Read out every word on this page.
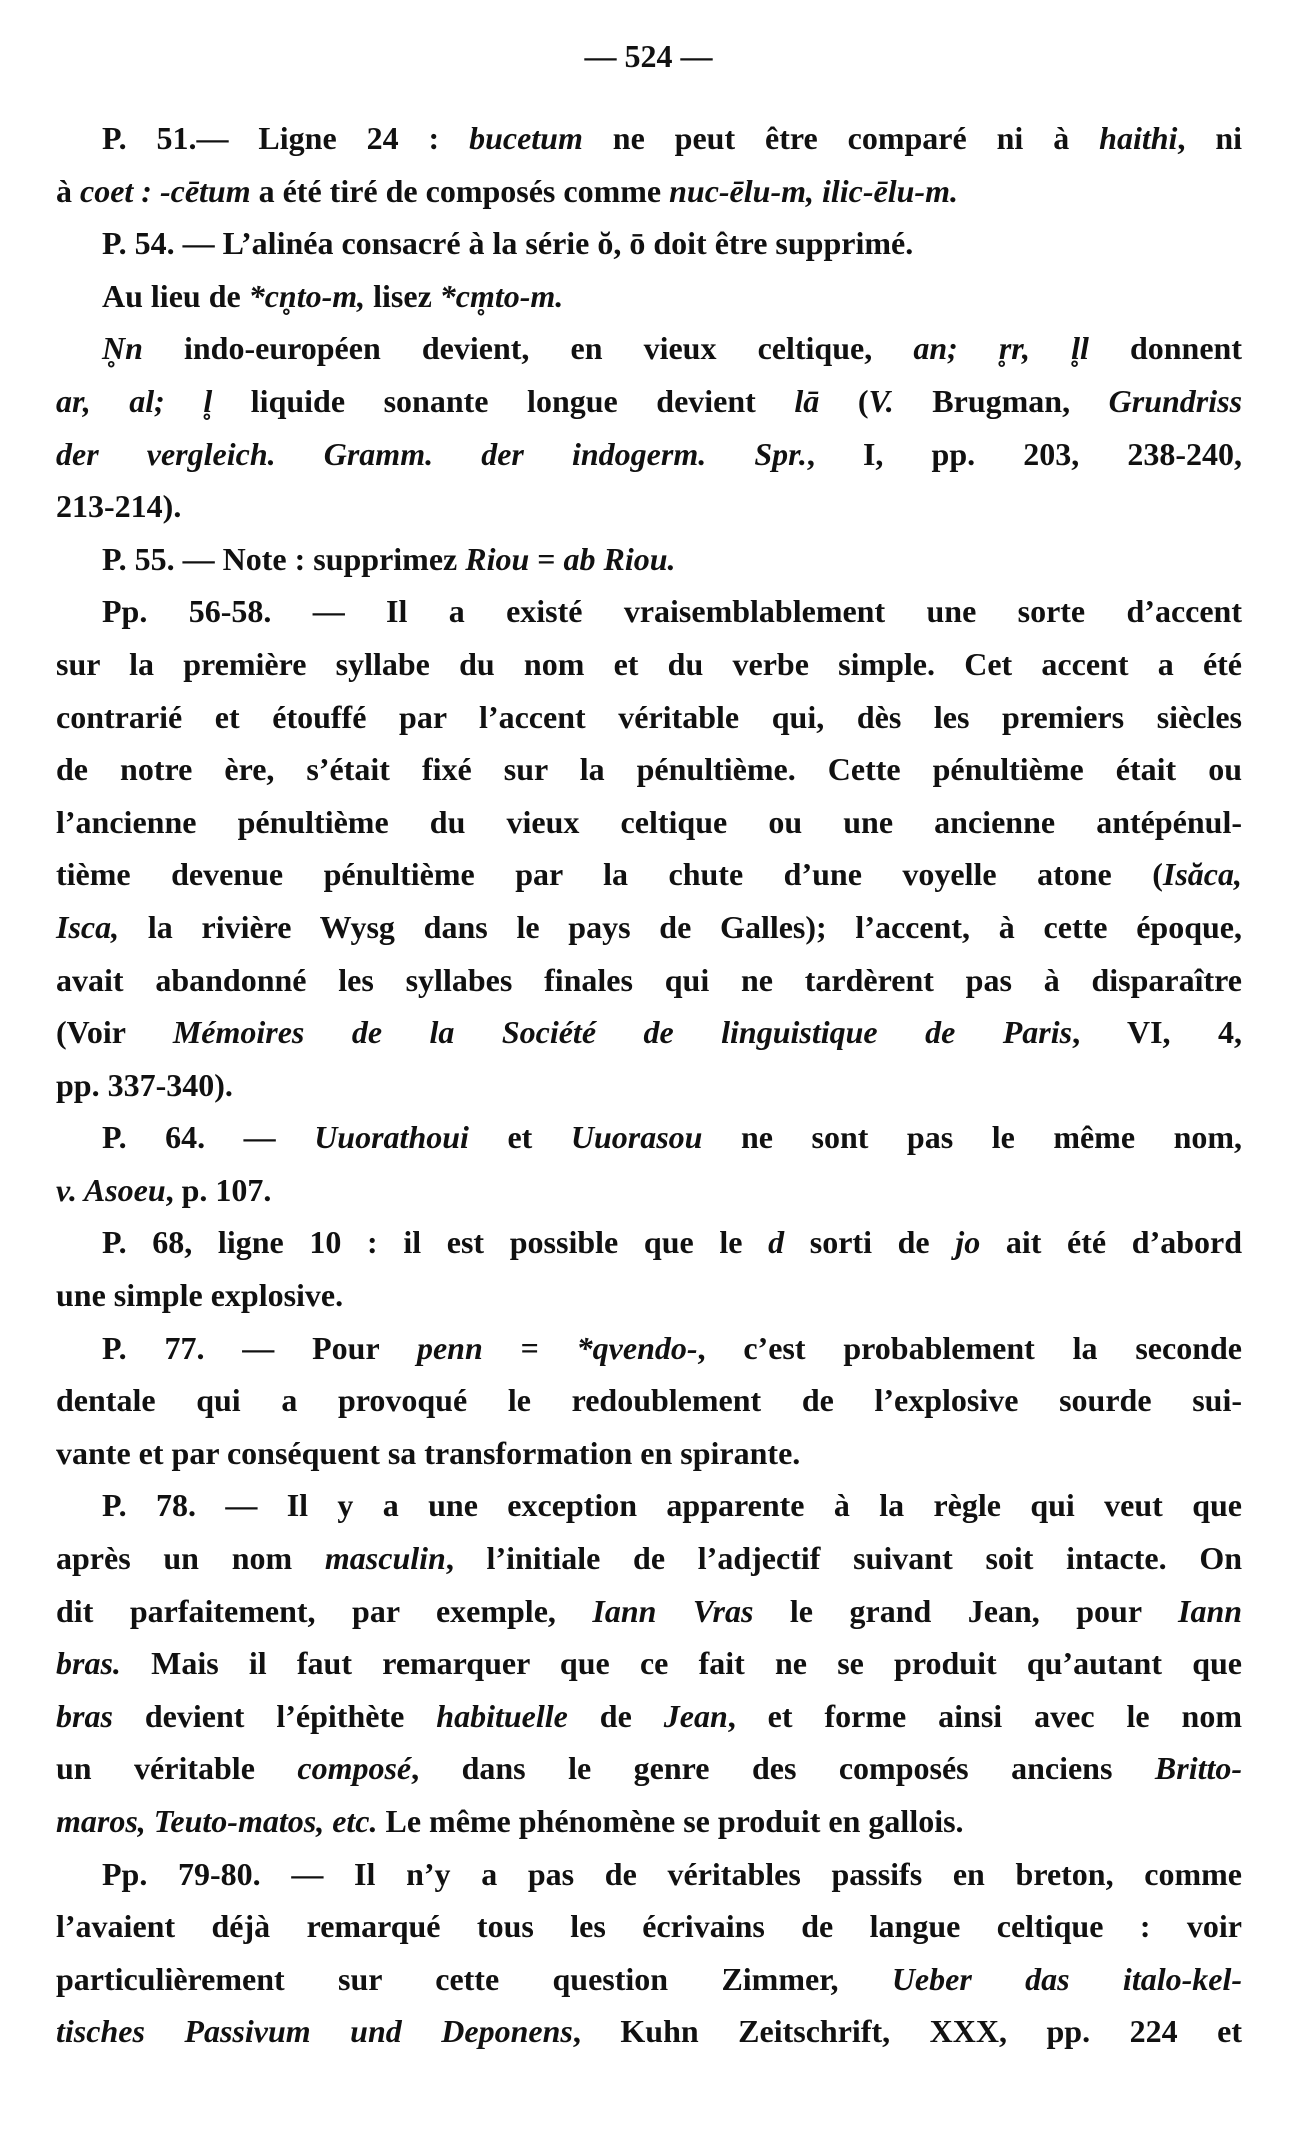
— 524 —
P. 51.— Ligne 24 : bucetum ne peut être comparé ni à haithi, ni
à coet : -cētum a été tiré de composés comme nuc-ēlu-m, ilic-ēlu-m.
P. 54. — L’alinéa consacré à la série ŏ, ō doit être supprimé.
Au lieu de *cn̥to-m, lisez *cm̥to-m.
N̥n indo-européen devient, en vieux celtique, an; r̥r, l̥l donnent
ar, al; l̥ liquide sonante longue devient lā (V. Brugman, Grundriss
der vergleich. Gramm. der indogerm. Spr., I, pp. 203, 238-240,
213-214).
P. 55. — Note : supprimez Riou = ab Riou.
Pp. 56-58. — Il a existé vraisemblablement une sorte d’accent
sur la première syllabe du nom et du verbe simple. Cet accent a été
contrarié et étouffé par l’accent véritable qui, dès les premiers siècles
de notre ère, s’était fixé sur la pénultième. Cette pénultième était ou
l’ancienne pénultième du vieux celtique ou une ancienne antépénul-
tième devenue pénultième par la chute d’une voyelle atone (Isăca,
Isca, la rivière Wysg dans le pays de Galles); l’accent, à cette époque,
avait abandonné les syllabes finales qui ne tardèrent pas à disparaître
(Voir Mémoires de la Société de linguistique de Paris, VI, 4,
pp. 337-340).
P. 64. — Uuorathoui et Uuorasou ne sont pas le même nom,
v. Asoeu, p. 107.
P. 68, ligne 10 : il est possible que le d sorti de jo ait été d’abord
une simple explosive.
P. 77. — Pour penn = *qvendo-, c’est probablement la seconde
dentale qui a provoqué le redoublement de l’explosive sourde sui-
vante et par conséquent sa transformation en spirante.
P. 78. — Il y a une exception apparente à la règle qui veut que
après un nom masculin, l’initiale de l’adjectif suivant soit intacte. On
dit parfaitement, par exemple, Iann Vras le grand Jean, pour Iann
bras. Mais il faut remarquer que ce fait ne se produit qu’autant que
bras devient l’épithète habituelle de Jean, et forme ainsi avec le nom
un véritable composé, dans le genre des composés anciens Britto-
maros, Teuto-matos, etc. Le même phénomène se produit en gallois.
Pp. 79-80. — Il n’y a pas de véritables passifs en breton, comme
l’avaient déjà remarqué tous les écrivains de langue celtique : voir
particulièrement sur cette question Zimmer, Ueber das italo-kel-
tisches Passivum und Deponens, Kuhn Zeitschrift, XXX, pp. 224 et
